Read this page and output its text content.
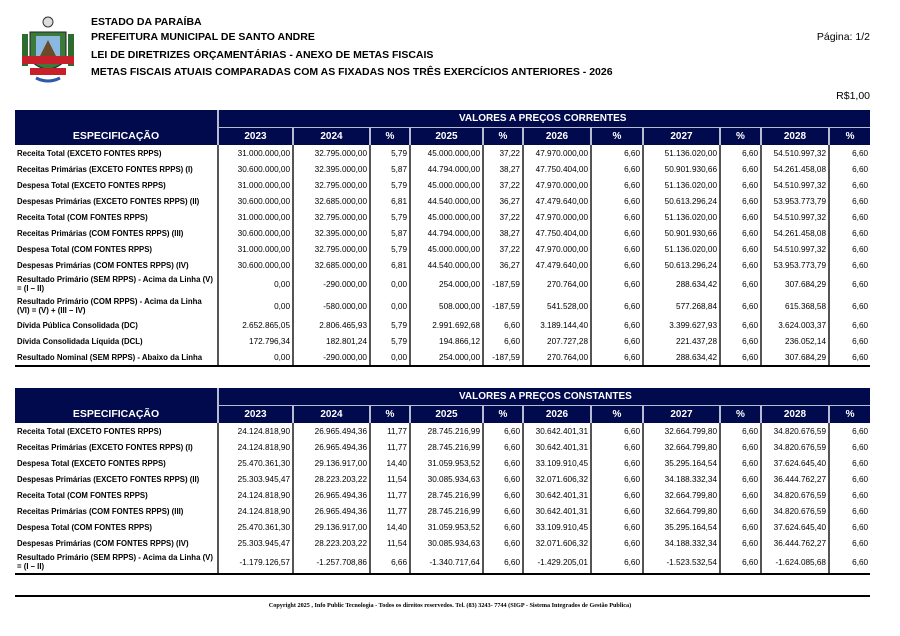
ESTADO DA PARAÍBA
PREFEITURA MUNICIPAL DE SANTO ANDRE
LEI DE DIRETRIZES ORÇAMENTÁRIAS - ANEXO DE METAS FISCAIS
METAS FISCAIS ATUAIS COMPARADAS COM AS FIXADAS NOS TRÊS EXERCÍCIOS ANTERIORES - 2026
Página: 1/2
R$1,00
ESPECIFICAÇÃO	VALORES A PREÇOS CORRENTES										
	2023	2024	%	2025	%	2026	%	2027	%	2028	%
Receita Total (EXCETO FONTES RPPS)	31.000.000,00	32.795.000,00	5,79	45.000.000,00	37,22	47.970.000,00	6,60	51.136.020,00	6,60	54.510.997,32	6,60
Receitas Primárias (EXCETO FONTES RPPS) (I)	30.600.000,00	32.395.000,00	5,87	44.794.000,00	38,27	47.750.404,00	6,60	50.901.930,66	6,60	54.261.458,08	6,60
Despesa Total (EXCETO FONTES RPPS)	31.000.000,00	32.795.000,00	5,79	45.000.000,00	37,22	47.970.000,00	6,60	51.136.020,00	6,60	54.510.997,32	6,60
Despesas Primárias (EXCETO FONTES RPPS) (II)	30.600.000,00	32.685.000,00	6,81	44.540.000,00	36,27	47.479.640,00	6,60	50.613.296,24	6,60	53.953.773,79	6,60
Receita Total (COM FONTES RPPS)	31.000.000,00	32.795.000,00	5,79	45.000.000,00	37,22	47.970.000,00	6,60	51.136.020,00	6,60	54.510.997,32	6,60
Receitas Primárias (COM FONTES RPPS) (III)	30.600.000,00	32.395.000,00	5,87	44.794.000,00	38,27	47.750.404,00	6,60	50.901.930,66	6,60	54.261.458,08	6,60
Despesa Total (COM FONTES RPPS)	31.000.000,00	32.795.000,00	5,79	45.000.000,00	37,22	47.970.000,00	6,60	51.136.020,00	6,60	54.510.997,32	6,60
Despesas Primárias (COM FONTES RPPS) (IV)	30.600.000,00	32.685.000,00	6,81	44.540.000,00	36,27	47.479.640,00	6,60	50.613.296,24	6,60	53.953.773,79	6,60
Resultado Primário (SEM RPPS) - Acima da Linha (V) = (I – II)	0,00	-290.000,00	0,00	254.000,00	-187,59	270.764,00	6,60	288.634,42	6,60	307.684,29	6,60
Resultado Primário (COM RPPS) - Acima da Linha (VI) = (V) + (III – IV)	0,00	-580.000,00	0,00	508.000,00	-187,59	541.528,00	6,60	577.268,84	6,60	615.368,58	6,60
Dívida Pública Consolidada (DC)	2.652.865,05	2.806.465,93	5,79	2.991.692,68	6,60	3.189.144,40	6,60	3.399.627,93	6,60	3.624.003,37	6,60
Dívida Consolidada Líquida (DCL)	172.796,34	182.801,24	5,79	194.866,12	6,60	207.727,28	6,60	221.437,28	6,60	236.052,14	6,60
Resultado Nominal (SEM RPPS) - Abaixo da Linha	0,00	-290.000,00	0,00	254.000,00	-187,59	270.764,00	6,60	288.634,42	6,60	307.684,29	6,60
ESPECIFICAÇÃO	VALORES A PREÇOS CONSTANTES										
	2023	2024	%	2025	%	2026	%	2027	%	2028	%
Receita Total (EXCETO FONTES RPPS)	24.124.818,90	26.965.494,36	11,77	28.745.216,99	6,60	30.642.401,31	6,60	32.664.799,80	6,60	34.820.676,59	6,60
Receitas Primárias (EXCETO FONTES RPPS) (I)	24.124.818,90	26.965.494,36	11,77	28.745.216,99	6,60	30.642.401,31	6,60	32.664.799,80	6,60	34.820.676,59	6,60
Despesa Total (EXCETO FONTES RPPS)	25.470.361,30	29.136.917,00	14,40	31.059.953,52	6,60	33.109.910,45	6,60	35.295.164,54	6,60	37.624.645,40	6,60
Despesas Primárias (EXCETO FONTES RPPS) (II)	25.303.945,47	28.223.203,22	11,54	30.085.934,63	6,60	32.071.606,32	6,60	34.188.332,34	6,60	36.444.762,27	6,60
Receita Total (COM FONTES RPPS)	24.124.818,90	26.965.494,36	11,77	28.745.216,99	6,60	30.642.401,31	6,60	32.664.799,80	6,60	34.820.676,59	6,60
Receitas Primárias (COM FONTES RPPS) (III)	24.124.818,90	26.965.494,36	11,77	28.745.216,99	6,60	30.642.401,31	6,60	32.664.799,80	6,60	34.820.676,59	6,60
Despesa Total (COM FONTES RPPS)	25.470.361,30	29.136.917,00	14,40	31.059.953,52	6,60	33.109.910,45	6,60	35.295.164,54	6,60	37.624.645,40	6,60
Despesas Primárias (COM FONTES RPPS) (IV)	25.303.945,47	28.223.203,22	11,54	30.085.934,63	6,60	32.071.606,32	6,60	34.188.332,34	6,60	36.444.762,27	6,60
Resultado Primário (SEM RPPS) - Acima da Linha (V) = (I – II)	-1.179.126,57	-1.257.708,86	6,66	-1.340.717,64	6,60	-1.429.205,01	6,60	-1.523.532,54	6,60	-1.624.085,68	6,60
Copyright 2025 , Info Public Tecnologia - Todos os direitos reservedos. Tel. (83) 3243- 7744 (SIGP - Sistema Integrados de Gestão Publica)
